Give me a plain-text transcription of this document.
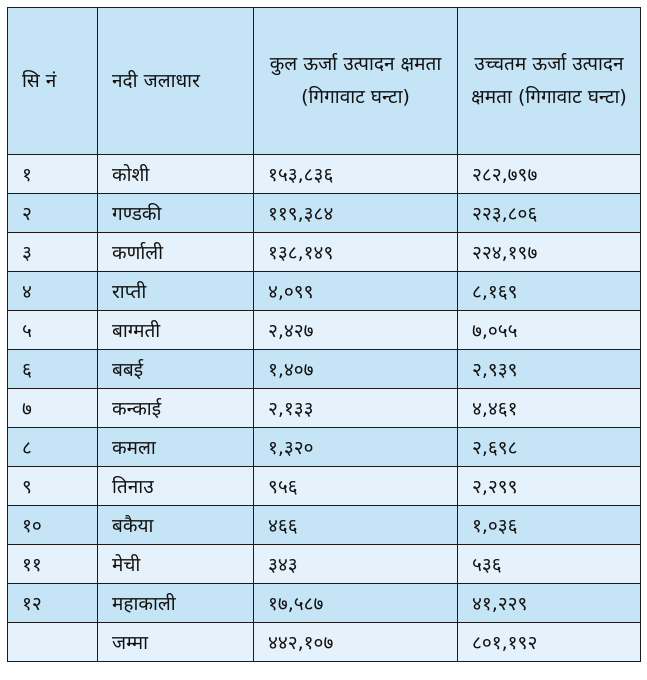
सि नं	नदी जलाधार	कुल ऊर्जा उत्पादन क्षमता (गिगावाट घन्टा)	उच्चतम ऊर्जा उत्पादन क्षमता (गिगावाट घन्टा)
१	कोशी	१५३,८३६	२८२,७९७
२	गण्डकी	११९,३८४	२२३,८०६
३	कर्णाली	१३८,१४९	२२४,१९७
४	राप्ती	४,०९९	८,१६९
५	बाग्मती	२,४२७	७,०५५
६	बबई	१,४०७	२,९३९
७	कन्काई	२,१३३	४,४६१
८	कमला	१,३२०	२,६९८
९	तिनाउ	९५६	२,२९९
१०	बकैया	४६६	१,०३६
११	मेची	३४३	५३६
१२	महाकाली	१७,५८७	४१,२२९
	जम्मा	४४२,१०७	८०१,१९२
